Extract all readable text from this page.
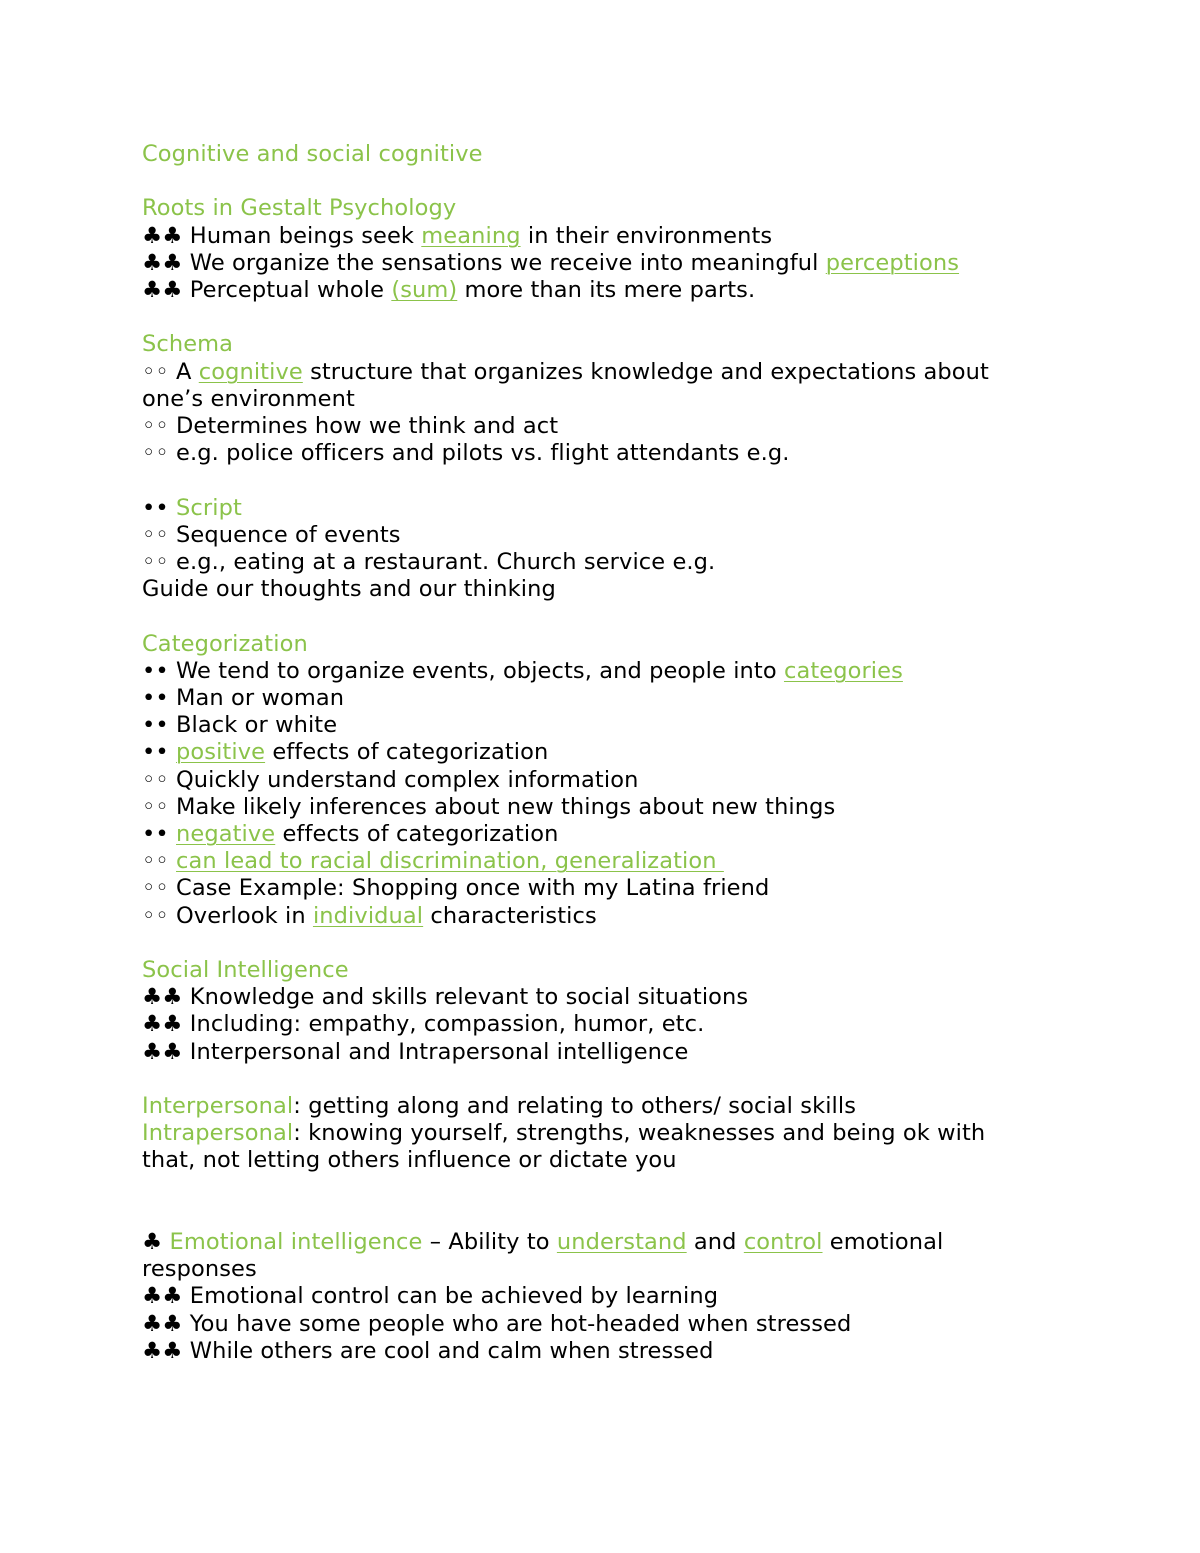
Cognitive and social cognitive

Roots in Gestalt Psychology

♣♣ Human beings seek meaning in their environments

♣♣ We organize the sensations we receive into meaningful perceptions

♣♣ Perceptual whole (sum) more than its mere parts.

Schema

◦◦ A cognitive structure that organizes knowledge and expectations about

one’s environment

◦◦ Determines how we think and act

◦◦ e.g. police officers and pilots vs. flight attendants e.g.

•• Script

◦◦ Sequence of events

◦◦ e.g., eating at a restaurant. Church service e.g.

Guide our thoughts and our thinking

Categorization

•• We tend to organize events, objects, and people into categories

•• Man or woman

•• Black or white

•• positive effects of categorization

◦◦ Quickly understand complex information

◦◦ Make likely inferences about new things about new things

•• negative effects of categorization

◦◦ can lead to racial discrimination, generalization

◦◦ Case Example: Shopping once with my Latina friend

◦◦ Overlook in individual characteristics

Social Intelligence

♣♣ Knowledge and skills relevant to social situations

♣♣ Including: empathy, compassion, humor, etc.

♣♣ Interpersonal and Intrapersonal intelligence

Interpersonal: getting along and relating to others/ social skills

Intrapersonal: knowing yourself, strengths, weaknesses and being ok with

that, not letting others influence or dictate you

♣ Emotional intelligence – Ability to understand and control emotional

responses

♣♣ Emotional control can be achieved by learning

♣♣ You have some people who are hot-headed when stressed

♣♣ While others are cool and calm when stressed
